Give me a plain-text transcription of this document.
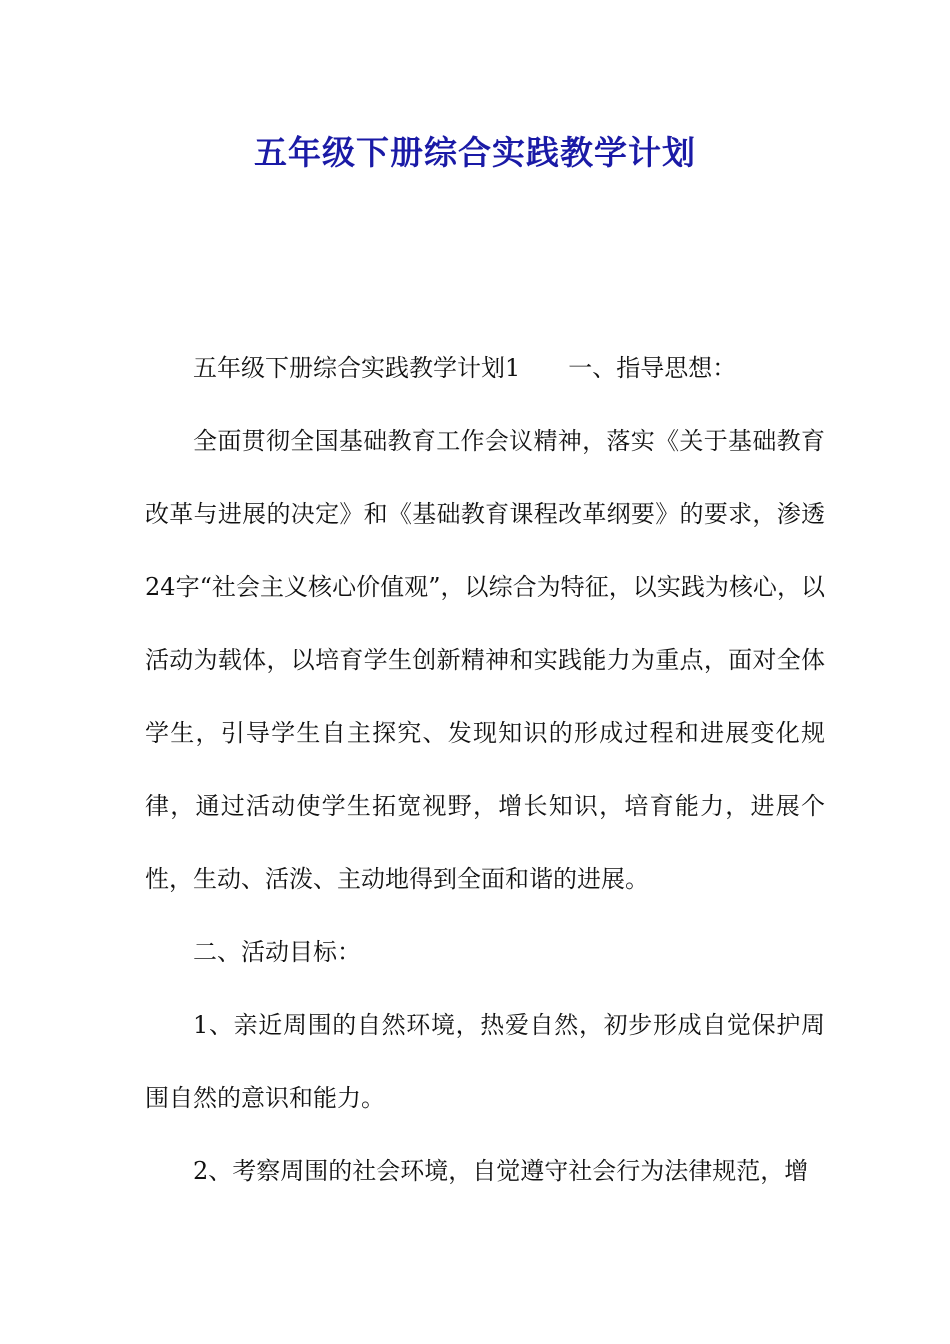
五年级下册综合实践教学计划

五年级下册综合实践教学计划1 一、指导思想：

全面贯彻全国基础教育工作会议精神，落实《关于基础教育改革与进展的决定》和《基础教育课程改革纲要》的要求，渗透24字“社会主义核心价值观”，以综合为特征，以实践为核心，以活动为载体，以培育学生创新精神和实践能力为重点，面对全体学生，引导学生自主探究、发现知识的形成过程和进展变化规律，通过活动使学生拓宽视野，增长知识，培育能力，进展个性，生动、活泼、主动地得到全面和谐的进展。

二、活动目标：

1、亲近周围的自然环境，热爱自然，初步形成自觉保护周围自然的意识和能力。

2、考察周围的社会环境，自觉遵守社会行为法律规范，增
